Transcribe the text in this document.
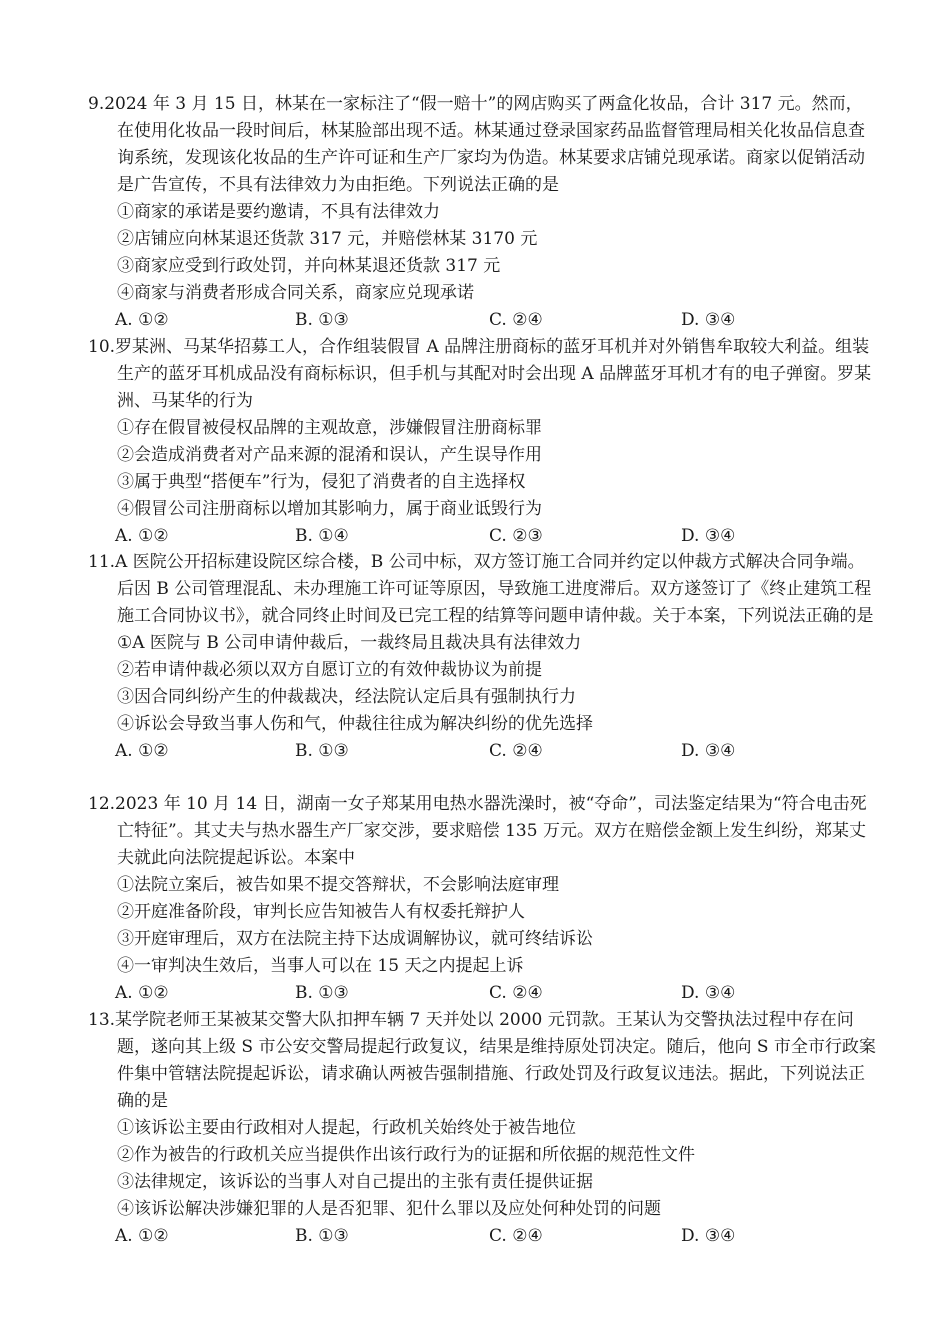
9.2024 年 3 月 15 日，林某在一家标注了“假一赔十”的网店购买了两盒化妆品，合计 317 元。然而，在使用化妆品一段时间后，林某脸部出现不适。林某通过登录国家药品监督管理局相关化妆品信息查询系统，发现该化妆品的生产许可证和生产厂家均为伪造。林某要求店铺兑现承诺。商家以促销活动是广告宣传，不具有法律效力为由拒绝。下列说法正确的是

①商家的承诺是要约邀请，不具有法律效力

②店铺应向林某退还货款 317 元，并赔偿林某 3170 元

③商家应受到行政处罚，并向林某退还货款 317 元

④商家与消费者形成合同关系，商家应兑现承诺

A. ①②	B. ①③	C. ②④	D. ③④

10.罗某洲、马某华招募工人，合作组装假冒 A 品牌注册商标的蓝牙耳机并对外销售牟取较大利益。组装生产的蓝牙耳机成品没有商标标识，但手机与其配对时会出现 A 品牌蓝牙耳机才有的电子弹窗。罗某洲、马某华的行为

①存在假冒被侵权品牌的主观故意，涉嫌假冒注册商标罪

②会造成消费者对产品来源的混淆和误认，产生误导作用

③属于典型“搭便车”行为，侵犯了消费者的自主选择权

④假冒公司注册商标以增加其影响力，属于商业诋毁行为

A. ①②	B. ①④	C. ②③	D. ③④

11.A 医院公开招标建设院区综合楼，B 公司中标，双方签订施工合同并约定以仲裁方式解决合同争端。后因 B 公司管理混乱、未办理施工许可证等原因，导致施工进度滞后。双方遂签订了《终止建筑工程施工合同协议书》，就合同终止时间及已完工程的结算等问题申请仲裁。关于本案，下列说法正确的是

①A 医院与 B 公司申请仲裁后，一裁终局且裁决具有法律效力

②若申请仲裁必须以双方自愿订立的有效仲裁协议为前提

③因合同纠纷产生的仲裁裁决，经法院认定后具有强制执行力

④诉讼会导致当事人伤和气，仲裁往往成为解决纠纷的优先选择

A. ①②	B. ①③	C. ②④	D. ③④

12.2023 年 10 月 14 日，湖南一女子郑某用电热水器洗澡时，被“夺命”，司法鉴定结果为“符合电击死亡特征”。其丈夫与热水器生产厂家交涉，要求赔偿 135 万元。双方在赔偿金额上发生纠纷，郑某丈夫就此向法院提起诉讼。本案中

①法院立案后，被告如果不提交答辩状，不会影响法庭审理

②开庭准备阶段，审判长应告知被告人有权委托辩护人

③开庭审理后，双方在法院主持下达成调解协议，就可终结诉讼

④一审判决生效后，当事人可以在 15 天之内提起上诉

A. ①②	B. ①③	C. ②④	D. ③④

13.某学院老师王某被某交警大队扣押车辆 7 天并处以 2000 元罚款。王某认为交警执法过程中存在问题，遂向其上级 S 市公安交警局提起行政复议，结果是维持原处罚决定。随后，他向 S 市全市行政案件集中管辖法院提起诉讼，请求确认两被告强制措施、行政处罚及行政复议违法。据此，下列说法正确的是

①该诉讼主要由行政相对人提起，行政机关始终处于被告地位

②作为被告的行政机关应当提供作出该行政行为的证据和所依据的规范性文件

③法律规定，该诉讼的当事人对自己提出的主张有责任提供证据

④该诉讼解决涉嫌犯罪的人是否犯罪、犯什么罪以及应处何种处罚的问题

A. ①②	B. ①③	C. ②④	D. ③④
